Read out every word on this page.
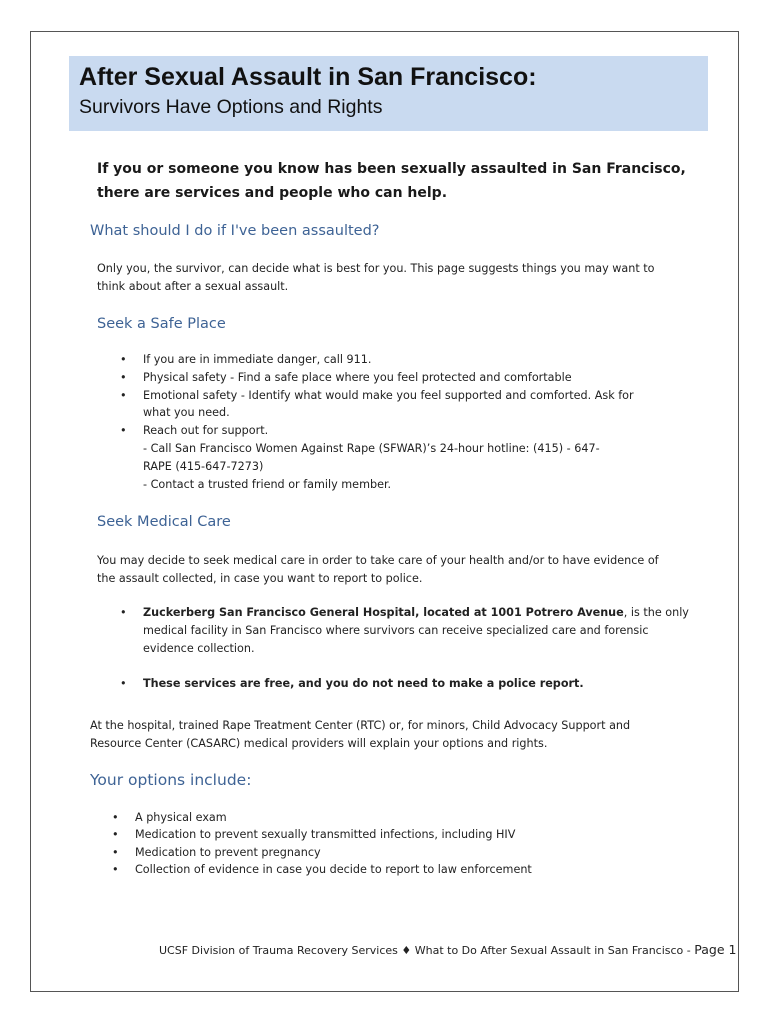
After Sexual Assault in San Francisco:
Survivors Have Options and Rights
If you or someone you know has been sexually assaulted in San Francisco,
there are services and people who can help.
What should I do if I've been assaulted?
Only you, the survivor, can decide what is best for you. This page suggests things you may want to
think about after a sexual assault.
Seek a Safe Place
• If you are in immediate danger, call 911.
• Physical safety - Find a safe place where you feel protected and comfortable
• Emotional safety - Identify what would make you feel supported and comforted. Ask for
what you need.
• Reach out for support.
- Call San Francisco Women Against Rape (SFWAR)’s 24-hour hotline: (415) - 647-
RAPE (415-647-7273)
- Contact a trusted friend or family member.
Seek Medical Care
You may decide to seek medical care in order to take care of your health and/or to have evidence of
the assault collected, in case you want to report to police.
• Zuckerberg San Francisco General Hospital, located at 1001 Potrero Avenue, is the only
medical facility in San Francisco where survivors can receive specialized care and forensic
evidence collection.
• These services are free, and you do not need to make a police report.
At the hospital, trained Rape Treatment Center (RTC) or, for minors, Child Advocacy Support and
Resource Center (CASARC) medical providers will explain your options and rights.
Your options include:
• A physical exam
• Medication to prevent sexually transmitted infections, including HIV
• Medication to prevent pregnancy
• Collection of evidence in case you decide to report to law enforcement
UCSF Division of Trauma Recovery Services ♦ What to Do After Sexual Assault in San Francisco - Page 1
